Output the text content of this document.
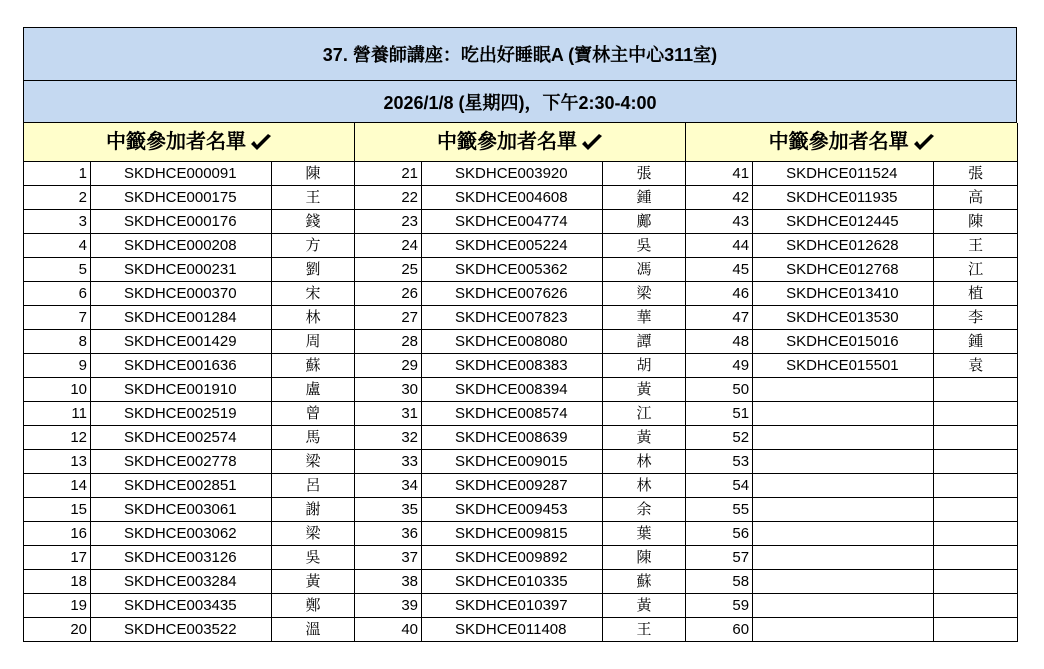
37. 營養師講座：吃出好睡眠A (寶林主中心311室)
2026/1/8 (星期四)，下午2:30-4:00
中籤參加者名單			中籤參加者名單			中籤參加者名單		

1	SKDHCE000091	陳	21	SKDHCE003920	張	41	SKDHCE011524	張
2	SKDHCE000175	王	22	SKDHCE004608	鍾	42	SKDHCE011935	高
3	SKDHCE000176	錢	23	SKDHCE004774	鄺	43	SKDHCE012445	陳
4	SKDHCE000208	方	24	SKDHCE005224	吳	44	SKDHCE012628	王
5	SKDHCE000231	劉	25	SKDHCE005362	馮	45	SKDHCE012768	江
6	SKDHCE000370	宋	26	SKDHCE007626	梁	46	SKDHCE013410	植
7	SKDHCE001284	林	27	SKDHCE007823	華	47	SKDHCE013530	李
8	SKDHCE001429	周	28	SKDHCE008080	譚	48	SKDHCE015016	鍾
9	SKDHCE001636	蘇	29	SKDHCE008383	胡	49	SKDHCE015501	袁
10	SKDHCE001910	盧	30	SKDHCE008394	黃	50		
11	SKDHCE002519	曾	31	SKDHCE008574	江	51		
12	SKDHCE002574	馬	32	SKDHCE008639	黃	52		
13	SKDHCE002778	梁	33	SKDHCE009015	林	53		
14	SKDHCE002851	呂	34	SKDHCE009287	林	54		
15	SKDHCE003061	謝	35	SKDHCE009453	余	55		
16	SKDHCE003062	梁	36	SKDHCE009815	葉	56		
17	SKDHCE003126	吳	37	SKDHCE009892	陳	57		
18	SKDHCE003284	黃	38	SKDHCE010335	蘇	58		
19	SKDHCE003435	鄭	39	SKDHCE010397	黃	59		
20	SKDHCE003522	溫	40	SKDHCE011408	王	60		
